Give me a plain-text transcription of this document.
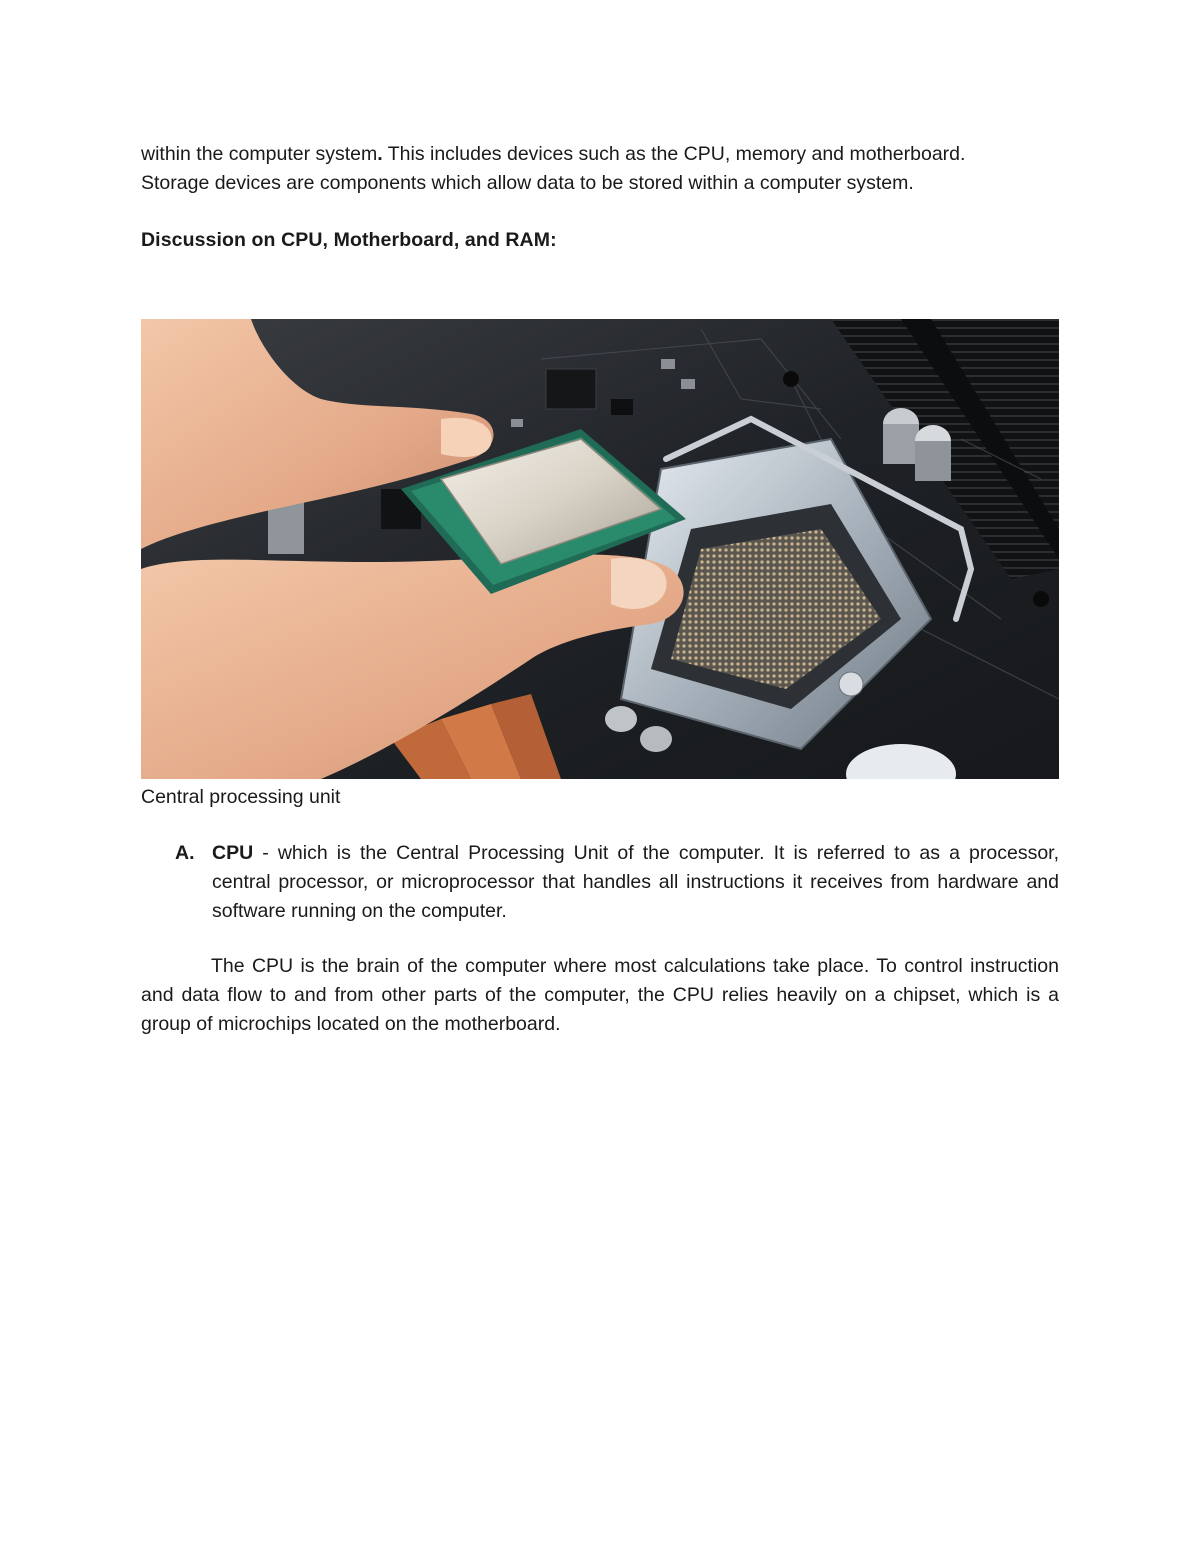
within the computer system. This includes devices such as the CPU, memory and motherboard.
Storage devices are components which allow data to be stored within a computer system.

Discussion on CPU, Motherboard, and RAM:

Central processing unit

A. CPU - which is the Central Processing Unit of the computer. It is referred to as a processor, central processor, or microprocessor that handles all instructions it receives from hardware and software running on the computer.

The CPU is the brain of the computer where most calculations take place. To control instruction and data flow to and from other parts of the computer, the CPU relies heavily on a chipset, which is a group of microchips located on the motherboard.
